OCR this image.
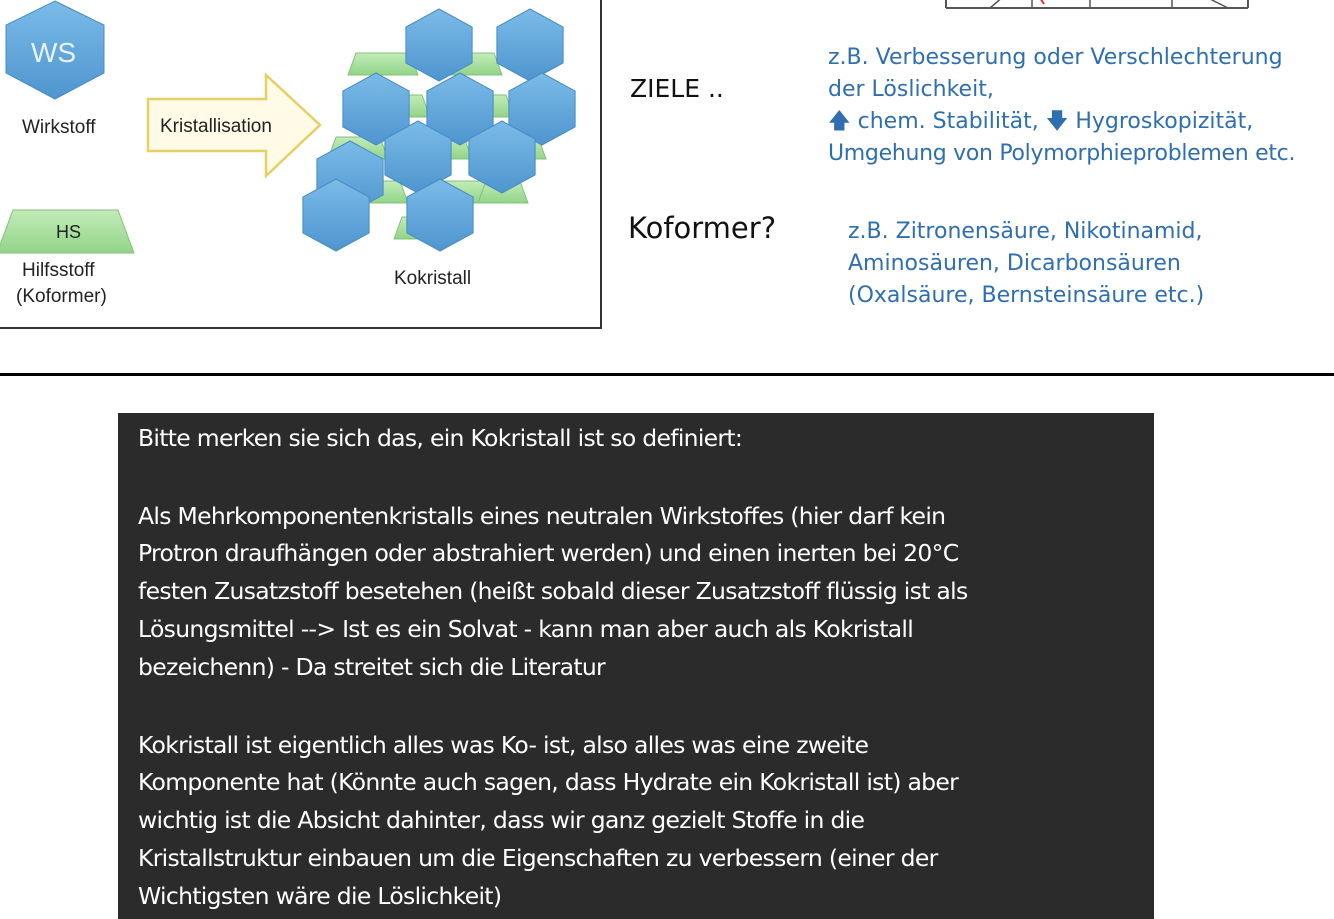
WS
Wirkstoff	Kristallisation
HS
Hilfsstoff
(Koformer)
Kokristall
ZIELE ..
z.B. Verbesserung oder Verschlechterung
der Löslichkeit,
🡅 chem. Stabilität, 🡇 Hygroskopizität,
Umgehung von Polymorphieproblemen etc.
Koformer?	z.B. Zitronensäure, Nikotinamid,
Aminosäuren, Dicarbonsäuren
(Oxalsäure, Bernsteinsäure etc.)
Bitte merken sie sich das, ein Kokristall ist so definiert:
Als Mehrkomponentenkristalls eines neutralen Wirkstoffes (hier darf kein
Protron draufhängen oder abstrahiert werden) und einen inerten bei 20°C
festen Zusatzstoff besetehen (heißt sobald dieser Zusatzstoff flüssig ist als
Lösungsmittel --> Ist es ein Solvat - kann man aber auch als Kokristall
bezeichenn) - Da streitet sich die Literatur
Kokristall ist eigentlich alles was Ko- ist, also alles was eine zweite
Komponente hat (Könnte auch sagen, dass Hydrate ein Kokristall ist) aber
wichtig ist die Absicht dahinter, dass wir ganz gezielt Stoffe in die
Kristallstruktur einbauen um die Eigenschaften zu verbessern (einer der
Wichtigsten wäre die Löslichkeit)
